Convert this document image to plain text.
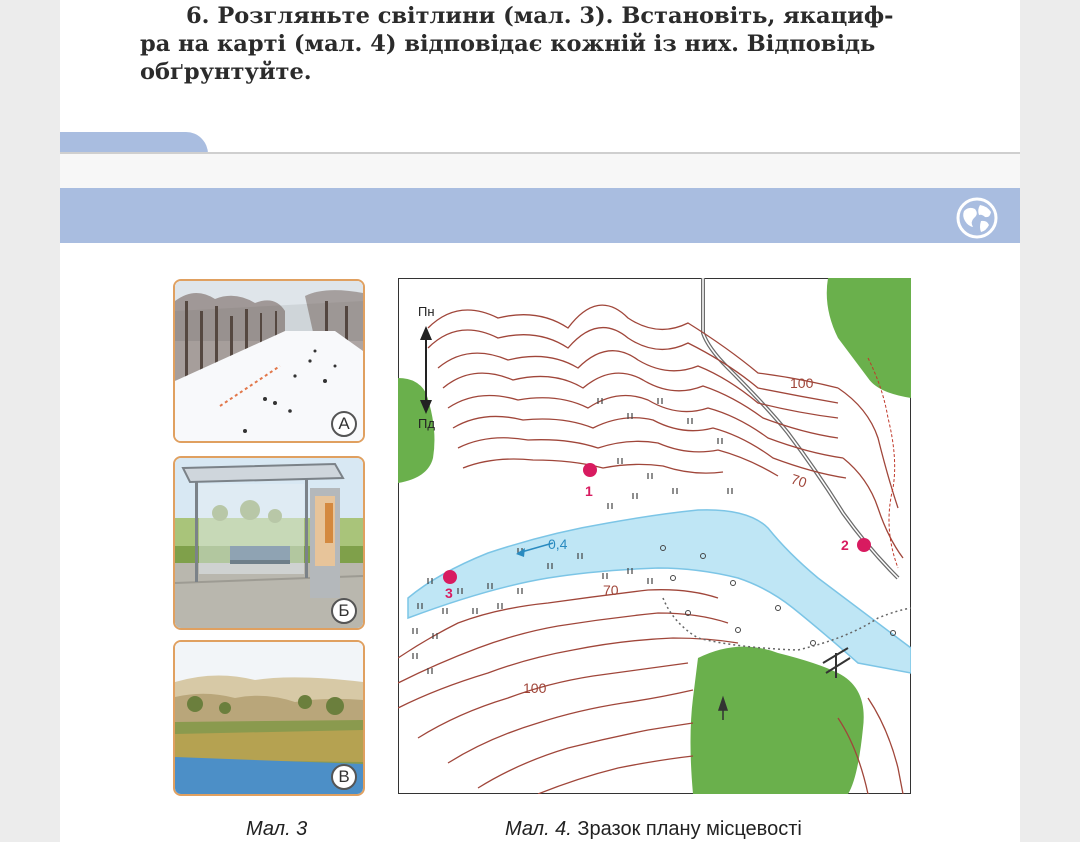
6. Розгляньте світлини (мал. 3). Встановіть, якациф-

ра на карті (мал. 4) відповідає кожній із них. Відповідь

обґрунтуйте.

А
Б
В
Пн
Пд
100
70
70
100
0,4
1
2
3
Мал. 3	Мал. 4. Зразок плану місцевості
